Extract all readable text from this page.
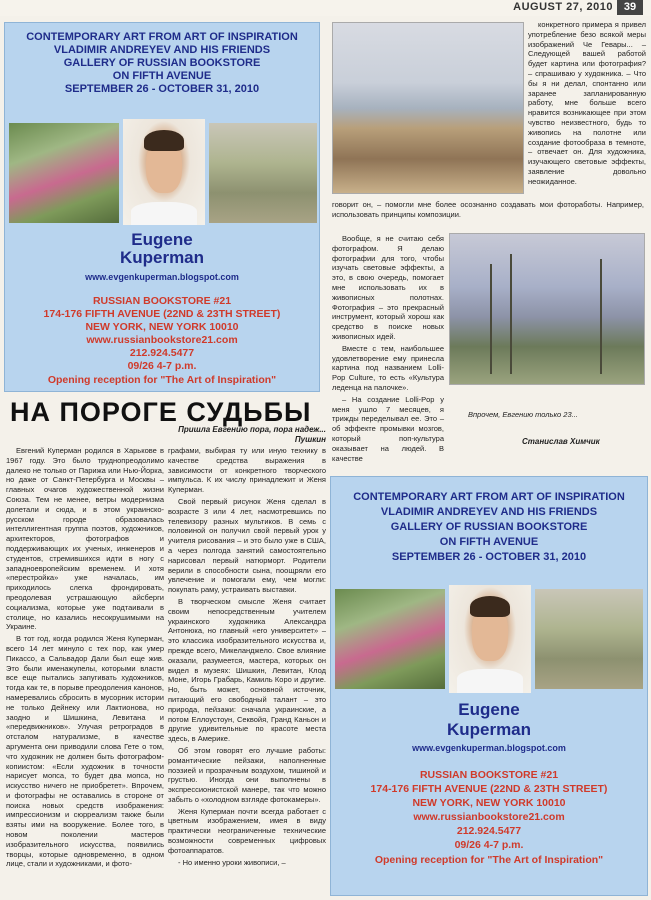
AUGUST 27, 2010 39
CONTEMPORARY ART FROM ART OF INSPIRATION
VLADIMIR ANDREYEV AND HIS FRIENDS
GALLERY OF RUSSIAN BOOKSTORE
ON FIFTH AVENUE
SEPTEMBER 26 - OCTOBER 31, 2010
Eugene
Kuperman
www.evgenkuperman.blogspot.com
RUSSIAN BOOKSTORE #21
174-176 FIFTH AVENUE (22ND & 23TH STREET)
NEW YORK, NEW YORK 10010
www.russianbookstore21.com
212.924.5477
09/26 4-7 p.m.
Opening reception for "The Art of Inspiration"

конкретного примера я привел употребление безо всякой меры изображений Че Гевары... – Следующей вашей работой будет картина или фотография? – спрашиваю у художника. – Что бы я ни делал, спонтанно или заранее запланированную работу, мне больше всего нравится возникающее при этом чувство неизвестного, будь то живопись на полотне или создание фотообраза в темноте, – отвечает он. Для художника, изучающего световые эффекты, заявление довольно неожиданное.

говорит он, – помогли мне более осознанно создавать мои фотоработы. Например, использовать принципы композиции.

Вообще, я не считаю себя фотографом. Я делаю фотографии для того, чтобы изучать световые эффекты, а это, в свою очередь, помогает мне использовать их в живописных полотнах. Фотография – это прекрасный инструмент, который хорош как средство в поиске новых живописных идей.

Вместе с тем, наибольшее удовлетворение ему принесла картина под названием Lolli-Pop Culture, то есть «Культура леденца на палочке».

– На создание Lolli-Pop у меня ушло 7 месяцев, я трижды переделывал ее. Это – об эффекте промывки мозгов, который поп-культура оказывает на людей. В качестве

Впрочем, Евгению только 23...
НА ПОРОГЕ СУДЬБЫ
Пришла Евгению пора, пора надеж...
Пушкин	Станислав Химчик

Евгений Куперман родился в Харькове в 1967 году. Это было труднопреодолимо далеко не только от Парижа или Нью-Йорка, но даже от Санкт-Петербурга и Москвы – главных очагов художественной жизни Союза. Тем не менее, ветры модернизма долетали и сюда, и в этом украинско-русском городе образовалась интеллигентная группа поэтов, художников, архитекторов, фотографов и поддерживающих их ученых, инженеров и студентов, стремившихся идти в ногу с западноевропейским временем. И хотя «перестройка» уже началась, им приходилось слегка фрондировать, преодолевая устрашающую айсберги социализма, которые уже подтаивали в столице, но казались несокрушимыми на Украине.

В тот год, когда родился Женя Куперман, всего 14 лет минуло с тех пор, как умер Пикассо, а Сальвадор Дали был еще жив. Это были именажупелы, которыми власти все еще пытались запугивать художников, тогда как те, в порыве преодоления канонов, намеревались сбросить в мусорник истории не только Дейнеку или Лактионова, но заодно и Шишкина, Левитана и «передвижников». Улучая ретроградов в отсталом натурализме, в качестве аргумента они приводили слова Гете о том, что художник не должен быть фотографом-копиистом: «Если художник в точности нарисует мопса, то будет два мопса, но искусство ничего не приобретет». Впрочем, и фотографы не оставались в стороне от поиска новых средств изображения: импрессионизм и сюрреализм также были взяты ими на вооружение. Более того, в новом поколении мастеров изобразительного искусства, появились творцы, которые одновременно, в одном лице, стали и художниками, и фото-

графами, выбирая ту или иную технику в качестве средства выражения в зависимости от конкретного творческого импульса. К их числу принадлежит и Женя Куперман.

Свой первый рисунок Женя сделал в возрасте 3 или 4 лет, насмотревшись по телевизору разных мультиков. В семь с половиной он получил свой первый урок у учителя рисования – и это было уже в США, а через полгода занятий самостоятельно нарисовал первый натюрморт. Родители верили в способности сына, поощряли его увлечение и помогали ему, чем могли: покупать раму, устраивать выставки.

В творческом смысле Женя считает своим непосредственным учителем украинского художника Александра Антонюка, но главный «его университет» – это классика изобразительного искусства и, прежде всего, Микеланджело. Свое влияние оказали, разумеется, мастера, которых он видел в музеях: Шишкин, Левитан, Клод Моне, Игорь Грабарь, Камиль Коро и другие. Но, быть может, основной источник, питающий его свободный талант – это природа, пейзажи: сначала украинские, а потом Еллоустоун, Секвойя, Гранд Каньон и другие удивительные по красоте места здесь, в Америке.

Об этом говорят его лучшие работы: романтические пейзажи, наполненные поэзией и прозрачным воздухом, тишиной и грустью. Иногда они выполнены в экспрессионистской манере, так что можно забыть о «холодном взгляде фотокамеры».

Женя Куперман почти всегда работает с цветным изображением, имея в виду практически неограниченные технические возможности современных цифровых фотоаппаратов.

- Но именно уроки живописи, –

CONTEMPORARY ART FROM ART OF INSPIRATION
VLADIMIR ANDREYEV AND HIS FRIENDS
GALLERY OF RUSSIAN BOOKSTORE
ON FIFTH AVENUE
SEPTEMBER 26 - OCTOBER 31, 2010
Eugene
Kuperman
www.evgenkuperman.blogspot.com
RUSSIAN BOOKSTORE #21
174-176 FIFTH AVENUE (22ND & 23TH STREET)
NEW YORK, NEW YORK 10010
www.russianbookstore21.com
212.924.5477
09/26 4-7 p.m.
Opening reception for "The Art of Inspiration"
